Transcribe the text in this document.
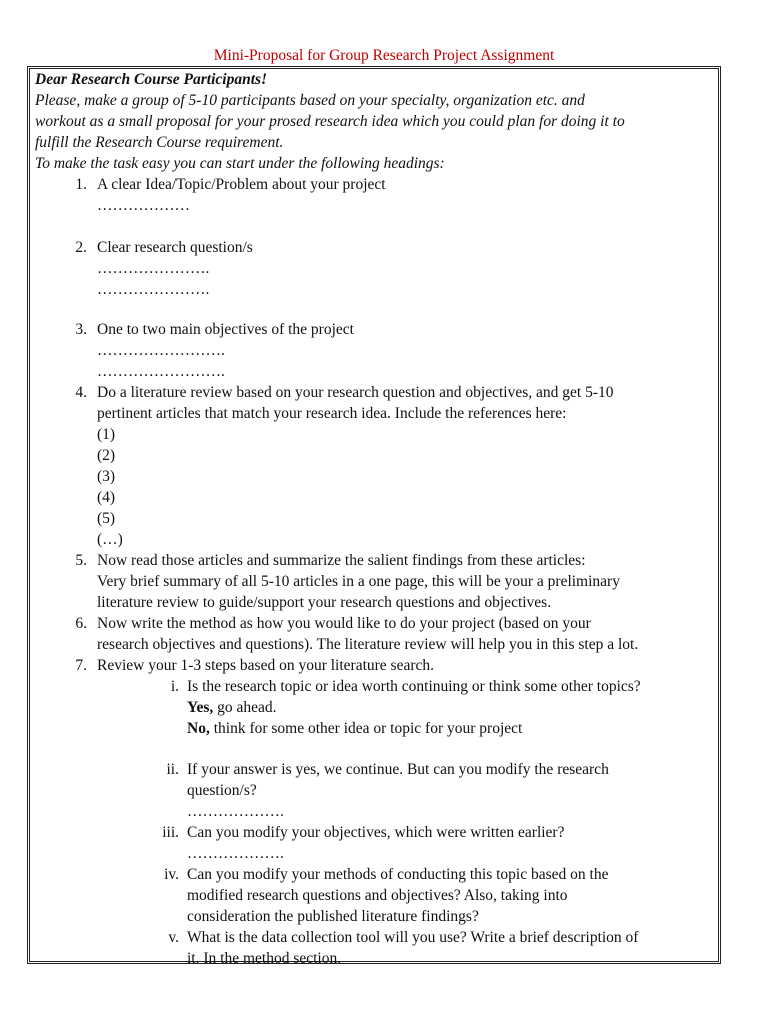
Mini-Proposal for Group Research Project Assignment
Dear Research Course Participants!
Please, make a group of 5-10 participants based on your specialty, organization etc. and
workout as a small proposal for your prosed research idea which you could plan for doing it to
fulfill the Research Course requirement.
To make the task easy you can start under the following headings:
1. A clear Idea/Topic/Problem about your project
………………
2. Clear research question/s
………………….
………………….
3. One to two main objectives of the project
…………………….
…………………….
4. Do a literature review based on your research question and objectives, and get 5-10
pertinent articles that match your research idea. Include the references here:
(1)
(2)
(3)
(4)
(5)
(…)
5. Now read those articles and summarize the salient findings from these articles:
Very brief summary of all 5-10 articles in a one page, this will be your a preliminary
literature review to guide/support your research questions and objectives.
6. Now write the method as how you would like to do your project (based on your
research objectives and questions). The literature review will help you in this step a lot.
7. Review your 1-3 steps based on your literature search.
i. Is the research topic or idea worth continuing or think some other topics?
Yes, go ahead.
No, think for some other idea or topic for your project
ii. If your answer is yes, we continue. But can you modify the research
question/s?
……………….
iii. Can you modify your objectives, which were written earlier?
……………….
iv. Can you modify your methods of conducting this topic based on the
modified research questions and objectives? Also, taking into
consideration the published literature findings?
v. What is the data collection tool will you use? Write a brief description of
it. In the method section.
